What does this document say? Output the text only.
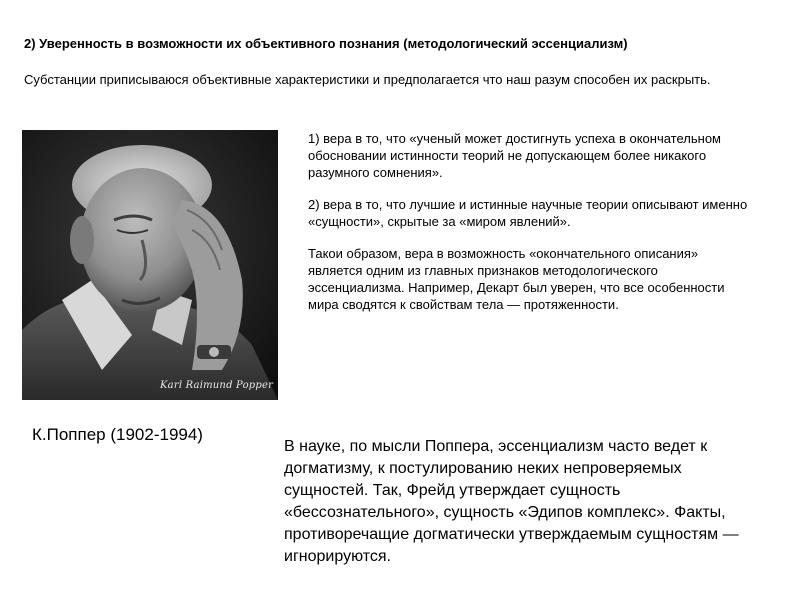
2) Уверенность в возможности их объективного познания (методологический эссенциализм)
Субстанции приписываюся объективные характеристики и предполагается что наш разум способен их раскрыть.
Karl Raimund Popper

1) вера в то, что «ученый может достигнуть успеха в окончательном обосновании истинности теорий не допускающем более никакого разумного сомнения».

2) вера в то, что лучшие и истинные научные теории описывают именно «сущности», скрытые за «миром явлений».

Такои образом, вера в возможность «окончательного описания» является одним из главных признаков методологического эссенциализма. Например, Декарт был уверен, что все особенности мира сводятся к свойствам тела — протяженности.

К.Поппер (1902-1994)
В науке, по мысли Поппера, эссенциализм часто ведет к догматизму, к постулированию неких непроверяемых сущностей. Так, Фрейд утверждает сущность «бессознательного», сущность «Эдипов комплекс». Факты, противоречащие догматически утверждаемым сущностям — игнорируются.
